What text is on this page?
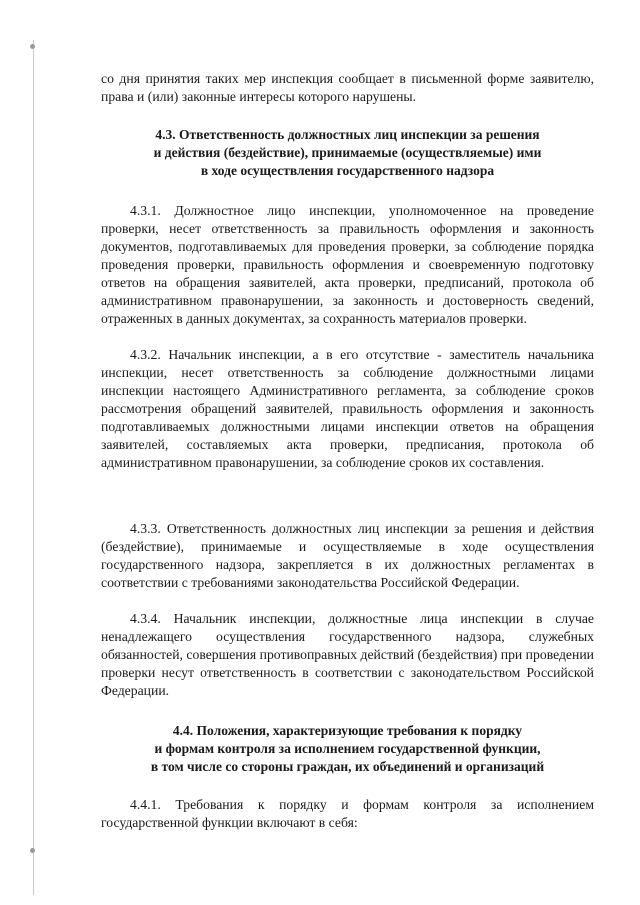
со дня принятия таких мер инспекция сообщает в письменной форме заявителю, права и (или) законные интересы которого нарушены.

4.3. Ответственность должностных лиц инспекции за решения
и действия (бездействие), принимаемые (осуществляемые) ими
в ходе осуществления государственного надзора

4.3.1. Должностное лицо инспекции, уполномоченное на проведение проверки, несет ответственность за правильность оформления и законность документов, подготавливаемых для проведения проверки, за соблюдение порядка проведения проверки, правильность оформления и своевременную подготовку ответов на обращения заявителей, акта проверки, предписаний, протокола об административном правонарушении, за законность и достоверность сведений, отраженных в данных документах, за сохранность материалов проверки.

4.3.2. Начальник инспекции, а в его отсутствие - заместитель начальника инспекции, несет ответственность за соблюдение должностными лицами инспекции настоящего Административного регламента, за соблюдение сроков рассмотрения обращений заявителей, правильность оформления и законность подготавливаемых должностными лицами инспекции ответов на обращения заявителей, составляемых акта проверки, предписания, протокола об административном правонарушении, за соблюдение сроков их составления.

4.3.3. Ответственность должностных лиц инспекции за решения и действия (бездействие), принимаемые и осуществляемые в ходе осуществления государственного надзора, закрепляется в их должностных регламентах в соответствии с требованиями законодательства Российской Федерации.

4.3.4. Начальник инспекции, должностные лица инспекции в случае ненадлежащего осуществления государственного надзора, служебных обязанностей, совершения противоправных действий (бездействия) при проведении проверки несут ответственность в соответствии с законодательством Российской Федерации.

4.4. Положения, характеризующие требования к порядку
и формам контроля за исполнением государственной функции,
в том числе со стороны граждан, их объединений и организаций

4.4.1. Требования к порядку и формам контроля за исполнением государственной функции включают в себя:
